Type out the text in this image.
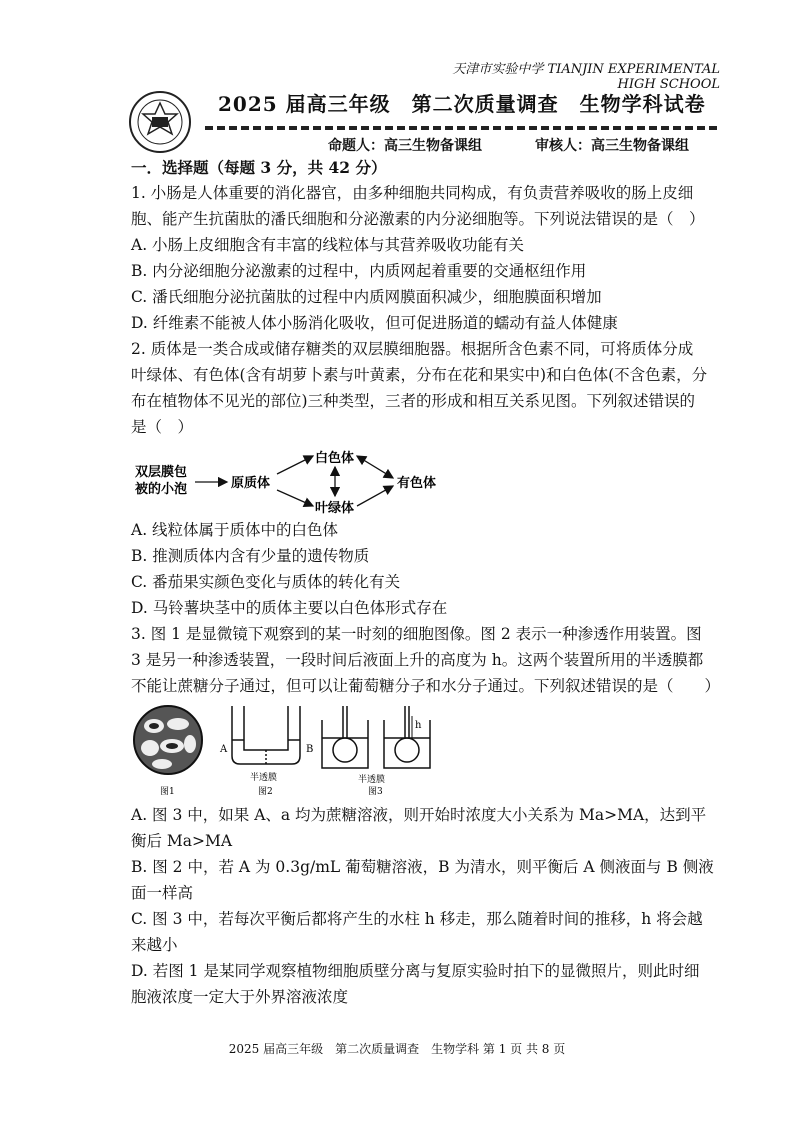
天津市实验中学 TIANJIN EXPERIMENTAL HIGH SCHOOL
2025 届高三年级　第二次质量调查　生物学科试卷
命题人：高三生物备课组	审核人：高三生物备课组
一．选择题（每题 3 分，共 42 分）
1. 小肠是人体重要的消化器官，由多种细胞共同构成，有负责营养吸收的肠上皮细
胞、能产生抗菌肽的潘氏细胞和分泌激素的内分泌细胞等。下列说法错误的是（　）
A. 小肠上皮细胞含有丰富的线粒体与其营养吸收功能有关
B. 内分泌细胞分泌激素的过程中，内质网起着重要的交通枢纽作用
C. 潘氏细胞分泌抗菌肽的过程中内质网膜面积减少，细胞膜面积增加
D. 纤维素不能被人体小肠消化吸收，但可促进肠道的蠕动有益人体健康
2. 质体是一类合成或储存糖类的双层膜细胞器。根据所含色素不同，可将质体分成
叶绿体、有色体(含有胡萝卜素与叶黄素，分布在花和果实中)和白色体(不含色素，分
布在植物体不见光的部位)三种类型，三者的形成和相互关系见图。下列叙述错误的
是（　）
双层膜包
被的小泡	原质体
白色体
叶绿体
有色体
A. 线粒体属于质体中的白色体
B. 推测质体内含有少量的遗传物质
C. 番茄果实颜色变化与质体的转化有关
D. 马铃薯块茎中的质体主要以白色体形式存在
3. 图 1 是显微镜下观察到的某一时刻的细胞图像。图 2 表示一种渗透作用装置。图
3 是另一种渗透装置，一段时间后液面上升的高度为 h。这两个装置所用的半透膜都
不能让蔗糖分子通过，但可以让葡萄糖分子和水分子通过。下列叙述错误的是（　　）
图1
A	B
半透膜
图2
h
半透膜
图3
A. 图 3 中，如果 A、a 均为蔗糖溶液，则开始时浓度大小关系为 Ma>MA，达到平
衡后 Ma>MA
B. 图 2 中，若 A 为 0.3g/mL 葡萄糖溶液，B 为清水，则平衡后 A 侧液面与 B 侧液
面一样高
C. 图 3 中，若每次平衡后都将产生的水柱 h 移走，那么随着时间的推移，h 将会越
来越小
D. 若图 1 是某同学观察植物细胞质壁分离与复原实验时拍下的显微照片，则此时细
胞液浓度一定大于外界溶液浓度
2025 届高三年级　第二次质量调查　生物学科 第 1 页 共 8 页
